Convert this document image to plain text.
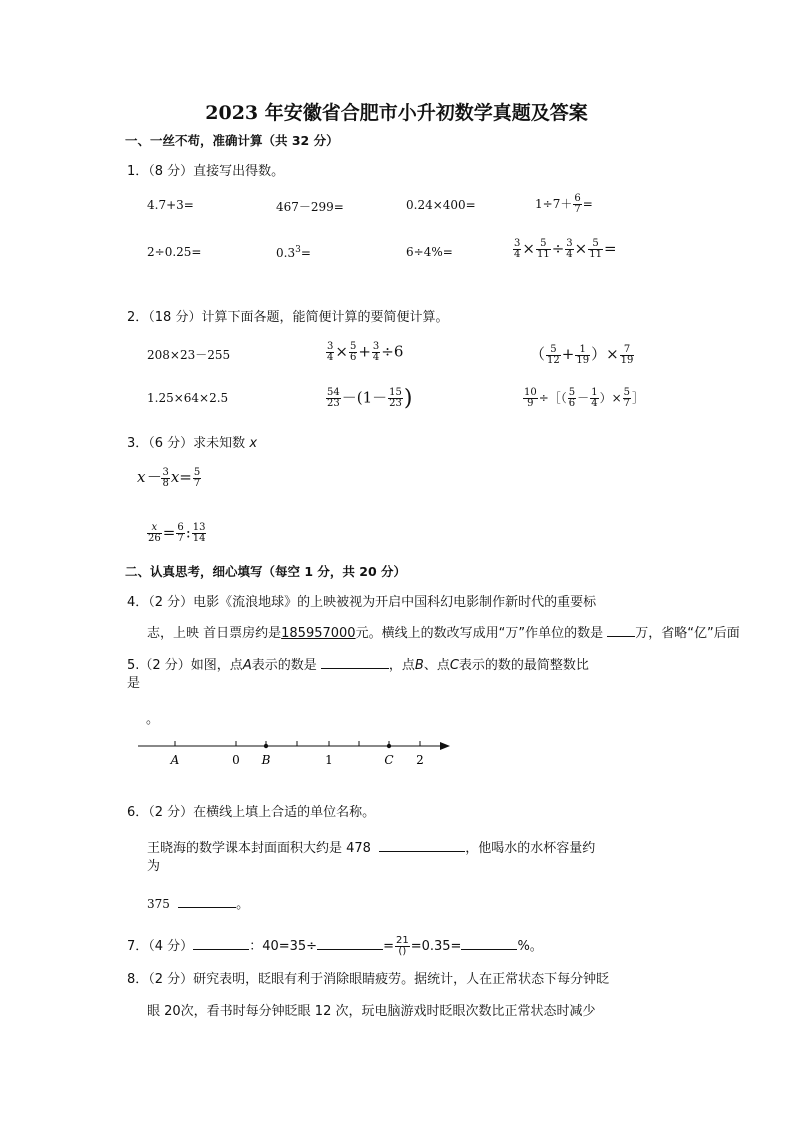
2023 年安徽省合肥市小升初数学真题及答案
一、一丝不苟，准确计算（共 32 分）
1．（8 分）直接写出得数。
4.7+3=	467－299=	0.24×400=	$1\div 7+ \frac{6}{7}$ =
2÷0.25=	$0.3^3=$	6÷4%=	$\frac{3}{4} \times \frac{5}{11} \div \frac{3}{4} \times \frac{5}{11}$ =
2．（18 分）计算下面各题，能简便计算的要简便计算。
208×23－255	$\frac{3}{4} \times \frac{5}{6} + \frac{3}{4} \div 6$	（ $\frac{5}{12} + \frac{1}{19}$ ）× $\frac{7}{19}$
1.25×64×2.5	$\frac{54}{23} -(1- \frac{15}{23}$ )	$\frac{10}{9}$ ÷［（ $\frac{5}{6} - \frac{1}{4}$ ）× $\frac{5}{7}$ ］
3．（6 分）求未知数 x
$x- \frac{3}{8} x= \frac{5}{7}$
$\frac{x}{26} = \frac{6}{7}$ : $\frac{13}{14}$
二、认真思考，细心填写（每空 1 分，共 20 分）
4．（2 分）电影《流浪地球》的上映被视为开启中国科幻电影制作新时代的重要标
志，上映 首日票房约是185957000元。横线上的数改写成用“万”作单位的数是 万，省略“亿”后面
5.（2 分）如图，点A表示的数是	，点B、点C表示的数的最简整数比
是
。
A	0 B	1	C 2
6．（2 分）在横线上填上合适的单位名称。
王晓海的数学课本封面面积大约是 478	，他喝水的水杯容量约
为
375	。
7．（4 分）	：40=35÷	= $\frac{21}{()} =0.35=$	%。
8．（2 分）研究表明，眨眼有利于消除眼睛疲劳。据统计，人在正常状态下每分钟眨
眼 20次，看书时每分钟眨眼 12 次，玩电脑游戏时眨眼次数比正常状态时减少
